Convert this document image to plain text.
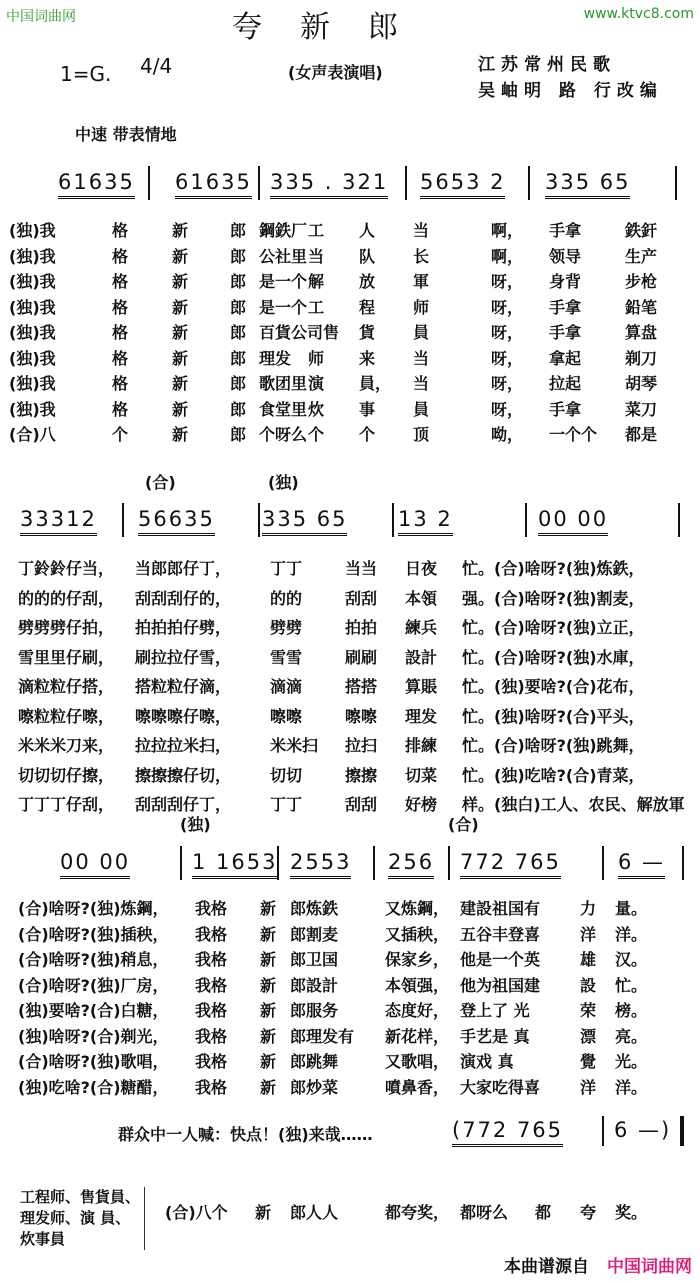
中国词曲网	www.ktvc8.com
夸新郎
1=G. 4/4	(女声表演唱)	江苏常州民歌
吴岫明 路 行改编
中速 带表情地
61635 61635 335 . 321 5653 2 335 65
(独)我	格	新	郎 鋼鉄厂 工 人 当	啊， 手拿	鉄釬
(独)我	格	新	郎 公社里 当 队 长	啊， 领导	生产
(独)我	格	新	郎 是一个 解 放 軍	呀， 身背	步枪
(独)我	格	新	郎 是一个 工 程 师	呀， 手拿	鉛笔
(独)我	格	新	郎 百貨公司售 貨 員	呀， 手拿	算盘
(独)我	格	新	郎 理发 师 来 当	呀， 拿起	剃刀
(独)我	格	新	郎 歌团里 演 員， 当	呀， 拉起	胡琴
(独)我	格	新	郎 食堂里 炊 事 員	呀， 手拿	菜刀
(合)八	个	新	郎 个呀么 个 个 顶	呦， 一个个 都是
(合)	(独)
33312 56635 335 65 13 2	00 00
丁鈴鈴仔当， 当郎郎仔丁， 丁丁	当当 日夜 忙。(合)啥呀?(独)炼鉄，
的的的仔刮， 刮刮刮仔的， 的的	刮刮 本領 强。(合)啥呀?(独)割麦，
劈劈劈仔拍， 拍拍拍仔劈， 劈劈	拍拍 練兵 忙。(合)啥呀?(独)立正，
雪里里仔刷， 刷拉拉仔雪， 雪雪	刷刷 設計 忙。(合)啥呀?(独)水庫，
滴粒粒仔搭， 搭粒粒仔滴， 滴滴	搭搭 算賬 忙。(独)要啥?(合)花布，
嚓粒粒仔嚓， 嚓嚓嚓仔嚓， 嚓嚓	嚓嚓 理发 忙。(独)啥呀?(合)平头，
米米米刀来， 拉拉拉米扫， 米米扫 拉扫 排練 忙。(合)啥呀?(独)跳舞，
切切切仔擦， 擦擦擦仔切， 切切	擦擦 切菜 忙。(独)吃啥?(合)青菜，
丁丁丁仔刮， 刮刮刮仔丁， 丁丁	刮刮 好榜 样。(独白)工人、农民、解放軍
(独)	(合)
00 00	1 1653 2553 256 772 765	6 —
(合)啥呀?(独)炼鋼， 我格 新 郎炼鉄	又炼鋼， 建設祖国有 力 量。
(合)啥呀?(独)插秧， 我格 新 郎割麦	又插秧， 五谷丰登喜 洋 洋。
(合)啥呀?(独)稍息， 我格 新 郎卫国	保家乡， 他是一个英 雄 汉。
(合)啥呀?(独)厂房， 我格 新 郎設計	本領强， 他为祖国建 設 忙。
(独)要啥?(合)白糖， 我格 新 郎服务	态度好， 登上了 光	荣 榜。
(独)啥呀?(合)剃光， 我格 新 郎理发有 新花样， 手艺是 真	漂 亮。
(合)啥呀?(独)歌唱， 我格 新 郎跳舞	又歌唱， 演戏 真	覺 光。
(独)吃啥?(合)糖醋， 我格 新 郎炒菜	噴鼻香， 大家吃得喜 洋 洋。
(合)八个 新 郎人人	都夸奖， 都呀么 都 夸 奖。
群众中一人喊：快点！(独)来哉……	(772 765 6 —)
工程师、售貨員、
理发师、演 員、
炊事員
本曲谱源自 中国词曲网
